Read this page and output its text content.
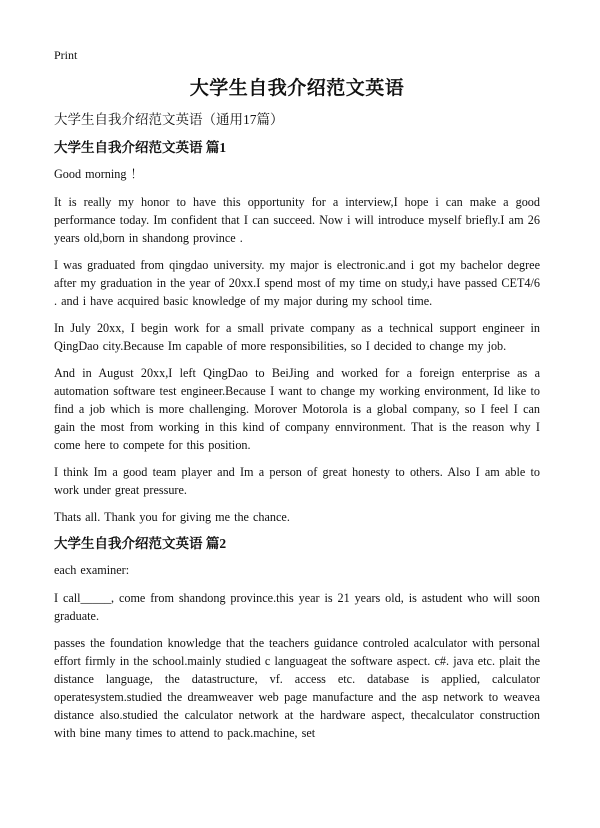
Print
大学生自我介绍范文英语
大学生自我介绍范文英语（通用17篇）
大学生自我介绍范文英语 篇1

Good morning ！

It is really my honor to have this opportunity for a interview,I hope i can make a good performance today. Im confident that I can succeed. Now i will introduce myself briefly.I am 26 years old,born in shandong province .

I was graduated from qingdao university. my major is electronic.and i got my bachelor degree after my graduation in the year of 20xx.I spend most of my time on study,i have passed CET4/6 . and i have acquired basic knowledge of my major during my school time.

In July 20xx, I begin work for a small private company as a technical support engineer in QingDao city.Because Im capable of more responsibilities, so I decided to change my job.

And in August 20xx,I left QingDao to BeiJing and worked for a foreign enterprise as a automation software test engineer.Because I want to change my working environment, Id like to find a job which is more challenging. Morover Motorola is a global company, so I feel I can gain the most from working in this kind of company ennvironment. That is the reason why I come here to compete for this position.

I think Im a good team player and Im a person of great honesty to others. Also I am able to work under great pressure.

Thats all. Thank you for giving me the chance.

大学生自我介绍范文英语 篇2

each examiner:

I call_____, come from shandong province.this year is 21 years old, is astudent who will soon graduate.

passes the foundation knowledge that the teachers guidance controled acalculator with personal effort firmly in the school.mainly studied c languageat the software aspect. c#. java etc. plait the distance language, the datastructure, vf. access etc. database is applied, calculator operatesystem.studied the dreamweaver web page manufacture and the asp network to weavea distance also.studied the calculator network at the hardware aspect, thecalculator construction with bine many times to attend to pack.machine, set
